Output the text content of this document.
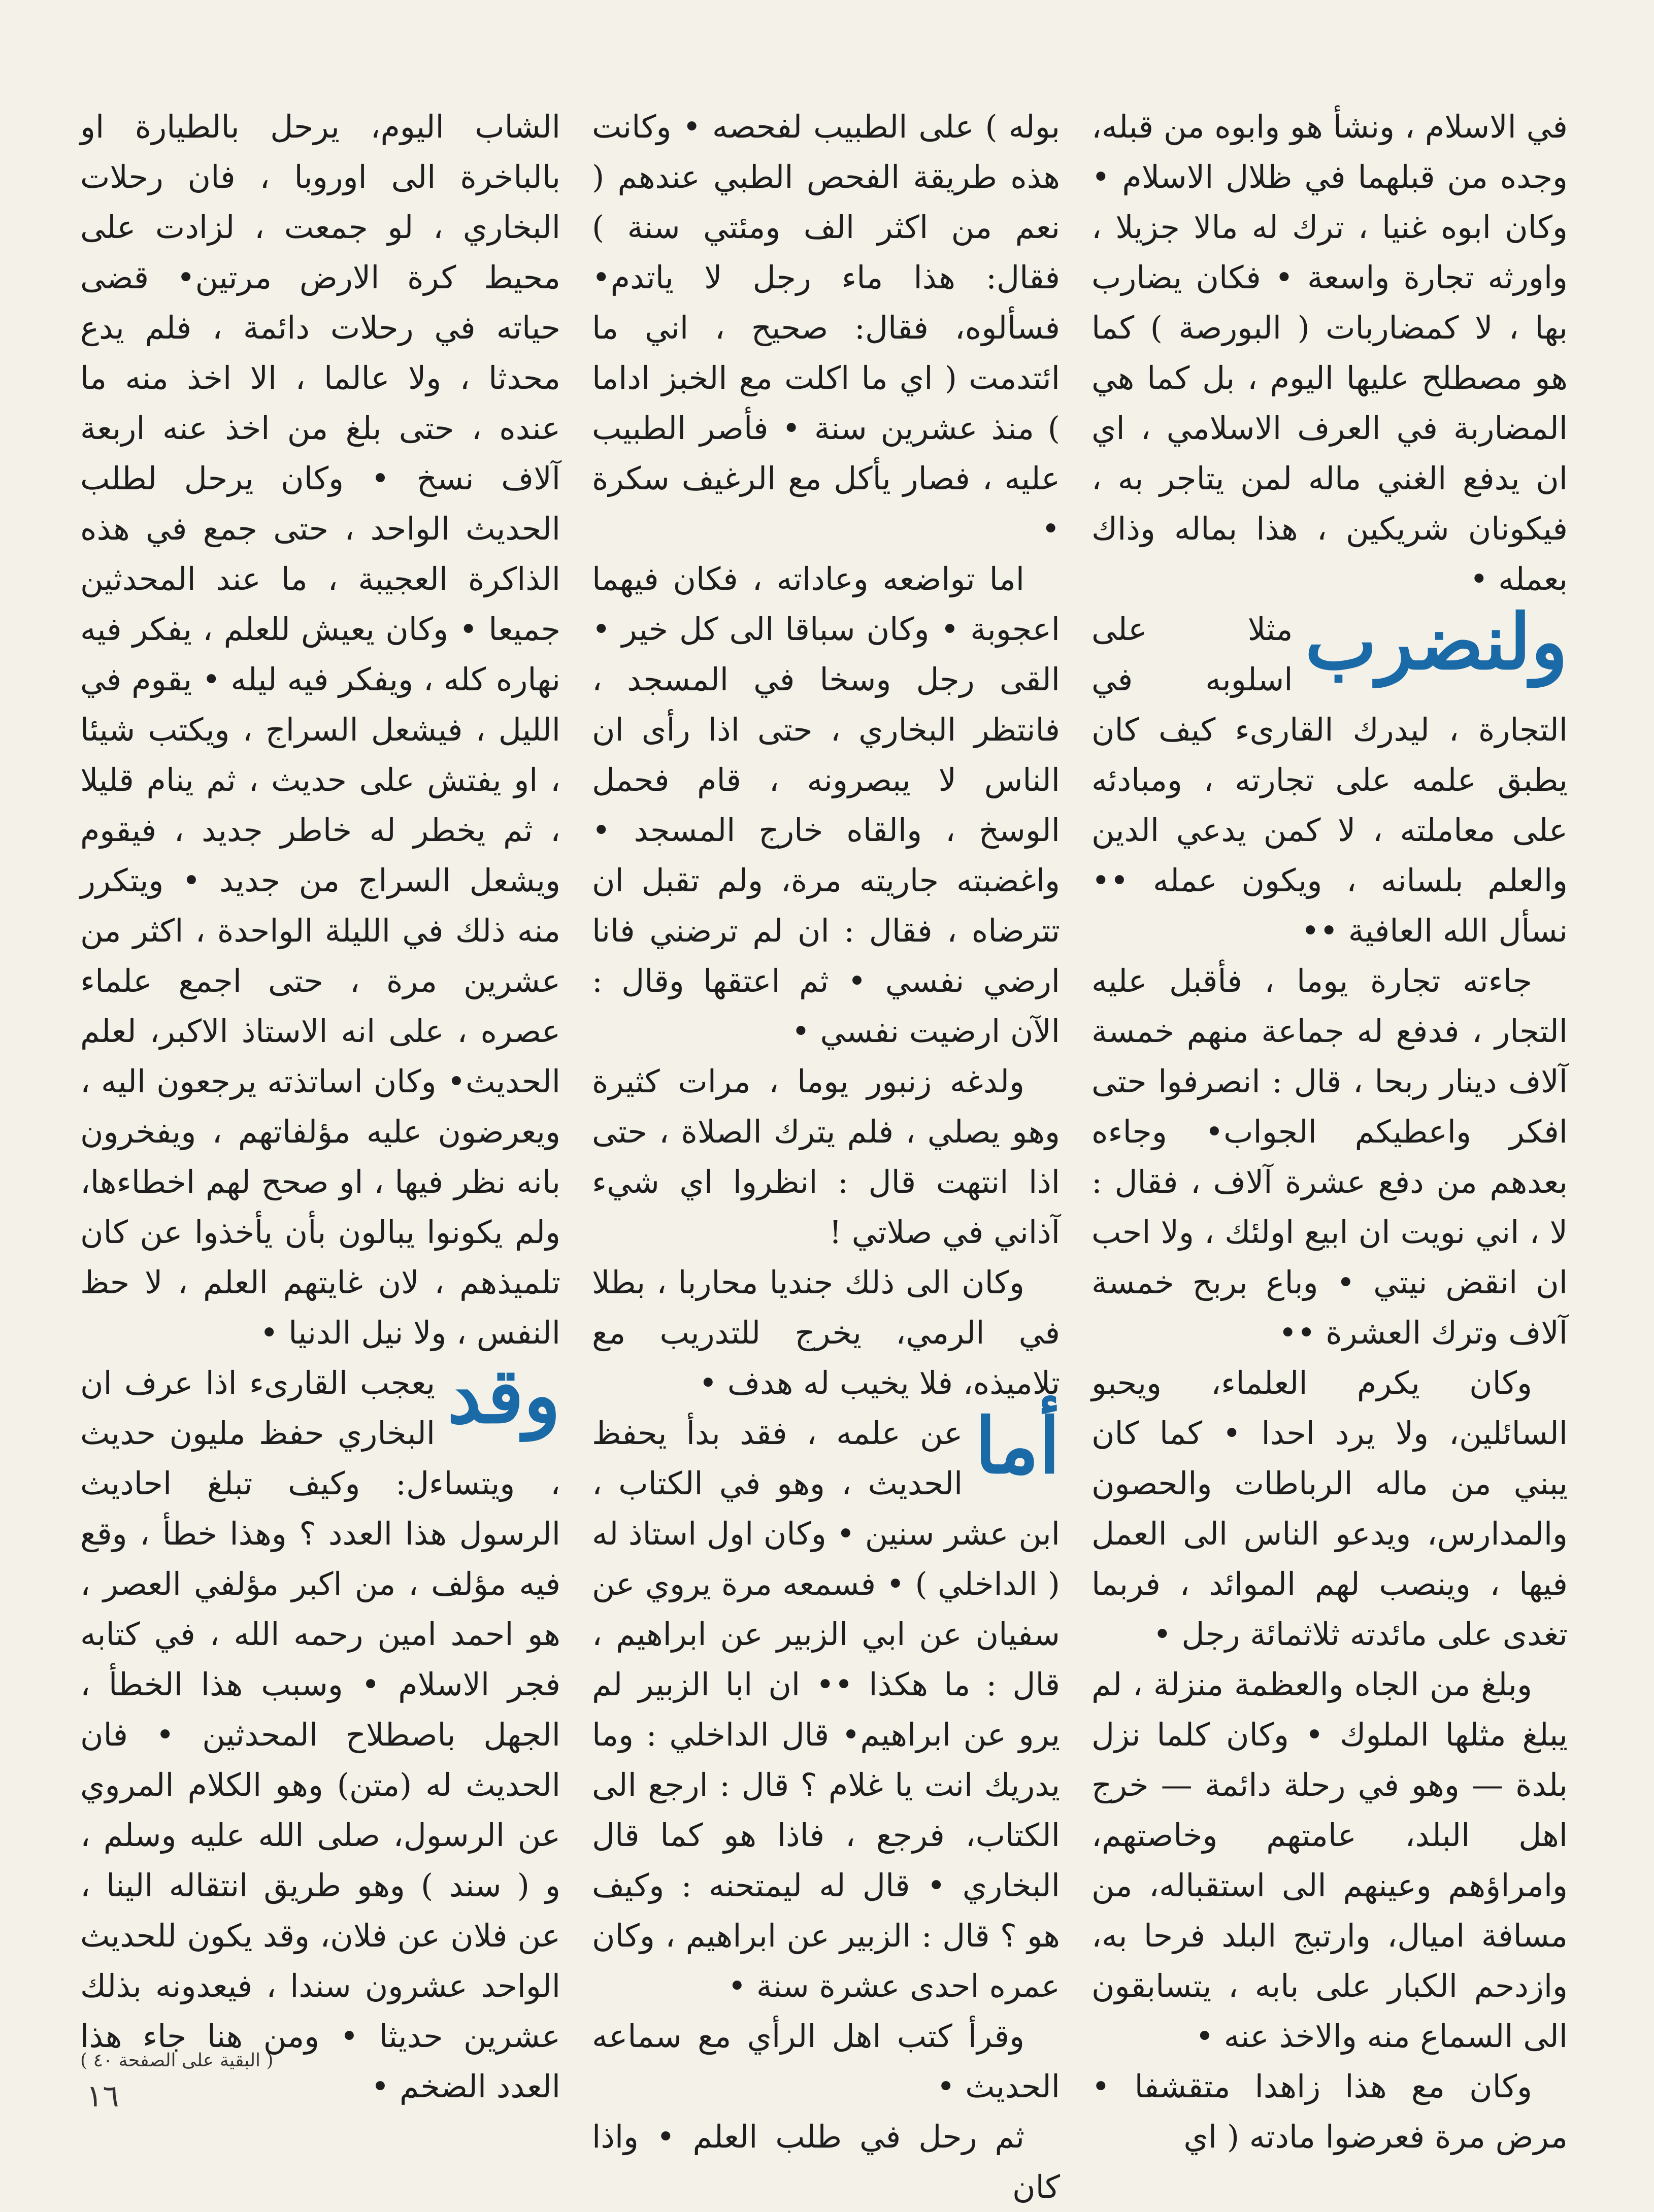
في الاسلام ، ونشأ هو وابوه من قبله، وجده من قبلهما في ظلال الاسلام • وكان ابوه غنيا ، ترك له مالا جزيلا ، واورثه تجارة واسعة • فكان يضارب بها ، لا كمضاربات ( البورصة ) كما هو مصطلح عليها اليوم ، بل كما هي المضاربة في العرف الاسلامي ، اي ان يدفع الغني ماله لمن يتاجر به ، فيكونان شريكين ، هذا بماله وذاك بعمله •

ولنضرب
مثلا على اسلوبه في التجارة ، ليدرك القارىء كيف كان يطبق علمه على تجارته ، ومبادئه على معاملته ، لا كمن يدعي الدين والعلم بلسانه ، ويكون عمله •• نسأل الله العافية ••

جاءته تجارة يوما ، فأقبل عليه التجار ، فدفع له جماعة منهم خمسة آلاف دينار ربحا ، قال : انصرفوا حتى افكر واعطيكم الجواب• وجاءه بعدهم من دفع عشرة آلاف ، فقال : لا ، اني نويت ان ابيع اولئك ، ولا احب ان انقض نيتي • وباع بربح خمسة آلاف وترك العشرة ••

وكان يكرم العلماء، ويحبو السائلين، ولا يرد احدا • كما كان يبني من ماله الرباطات والحصون والمدارس، ويدعو الناس الى العمل فيها ، وينصب لهم الموائد ، فربما تغدى على مائدته ثلاثمائة رجل •

وبلغ من الجاه والعظمة منزلة ، لم يبلغ مثلها الملوك • وكان كلما نزل بلدة — وهو في رحلة دائمة — خرج اهل البلد، عامتهم وخاصتهم، وامراؤهم وعينهم الى استقباله، من مسافة اميال، وارتبج البلد فرحا به، وازدحم الكبار على بابه ، يتسابقون الى السماع منه والاخذ عنه •

وكان مع هذا زاهدا متقشفا • مرض مرة فعرضوا مادته ( اي

بوله ) على الطبيب لفحصه • وكانت هذه طريقة الفحص الطبي عندهم ( نعم من اكثر الف ومئتي سنة ) فقال: هذا ماء رجل لا ياتدم• فسألوه، فقال: صحيح ، اني ما ائتدمت ( اي ما اكلت مع الخبز اداما ) منذ عشرين سنة • فأصر الطبيب عليه ، فصار يأكل مع الرغيف سكرة •

اما تواضعه وعاداته ، فكان فيهما اعجوبة • وكان سباقا الى كل خير • القى رجل وسخا في المسجد ، فانتظر البخاري ، حتى اذا رأى ان الناس لا يبصرونه ، قام فحمل الوسخ ، والقاه خارج المسجد • واغضبته جاريته مرة، ولم تقبل ان تترضاه ، فقال : ان لم ترضني فانا ارضي نفسي • ثم اعتقها وقال : الآن ارضيت نفسي •

ولدغه زنبور يوما ، مرات كثيرة وهو يصلي ، فلم يترك الصلاة ، حتى اذا انتهت قال : انظروا اي شيء آذاني في صلاتي !

وكان الى ذلك جنديا محاربا ، بطلا في الرمي، يخرج للتدريب مع تلاميذه، فلا يخيب له هدف •

أما
عن علمه ، فقد بدأ يحفظ الحديث ، وهو في الكتاب ، ابن عشر سنين • وكان اول استاذ له ( الداخلي ) • فسمعه مرة يروي عن سفيان عن ابي الزبير عن ابراهيم ، قال : ما هكذا •• ان ابا الزبير لم يرو عن ابراهيم• قال الداخلي : وما يدريك انت يا غلام ؟ قال : ارجع الى الكتاب، فرجع ، فاذا هو كما قال البخاري • قال له ليمتحنه : وكيف هو ؟ قال : الزبير عن ابراهيم ، وكان عمره احدى عشرة سنة •

وقرأ كتب اهل الرأي مع سماعه الحديث •

ثم رحل في طلب العلم • واذا كان

الشاب اليوم، يرحل بالطيارة او بالباخرة الى اوروبا ، فان رحلات البخاري ، لو جمعت ، لزادت على محيط كرة الارض مرتين• قضى حياته في رحلات دائمة ، فلم يدع محدثا ، ولا عالما ، الا اخذ منه ما عنده ، حتى بلغ من اخذ عنه اربعة آلاف نسخ • وكان يرحل لطلب الحديث الواحد ، حتى جمع في هذه الذاكرة العجيبة ، ما عند المحدثين جميعا • وكان يعيش للعلم ، يفكر فيه نهاره كله ، ويفكر فيه ليله • يقوم في الليل ، فيشعل السراج ، ويكتب شيئا ، او يفتش على حديث ، ثم ينام قليلا ، ثم يخطر له خاطر جديد ، فيقوم ويشعل السراج من جديد • ويتكرر منه ذلك في الليلة الواحدة ، اكثر من عشرين مرة ، حتى اجمع علماء عصره ، على انه الاستاذ الاكبر، لعلم الحديث• وكان اساتذته يرجعون اليه ، ويعرضون عليه مؤلفاتهم ، ويفخرون بانه نظر فيها ، او صحح لهم اخطاءها، ولم يكونوا يبالون بأن يأخذوا عن كان تلميذهم ، لان غايتهم العلم ، لا حظ النفس ، ولا نيل الدنيا •

وقد
يعجب القارىء اذا عرف ان البخاري حفظ مليون حديث ، ويتساءل: وكيف تبلغ احاديث الرسول هذا العدد ؟ وهذا خطأ ، وقع فيه مؤلف ، من اكبر مؤلفي العصر ، هو احمد امين رحمه الله ، في كتابه فجر الاسلام • وسبب هذا الخطأ ، الجهل باصطلاح المحدثين • فان الحديث له (متن) وهو الكلام المروي عن الرسول، صلى الله عليه وسلم ، و ( سند ) وهو طريق انتقاله الينا ، عن فلان عن فلان، وقد يكون للحديث الواحد عشرون سندا ، فيعدونه بذلك عشرين حديثا • ومن هنا جاء هذا العدد الضخم •

( البقية على الصفحة ٤٠ )
١٦
